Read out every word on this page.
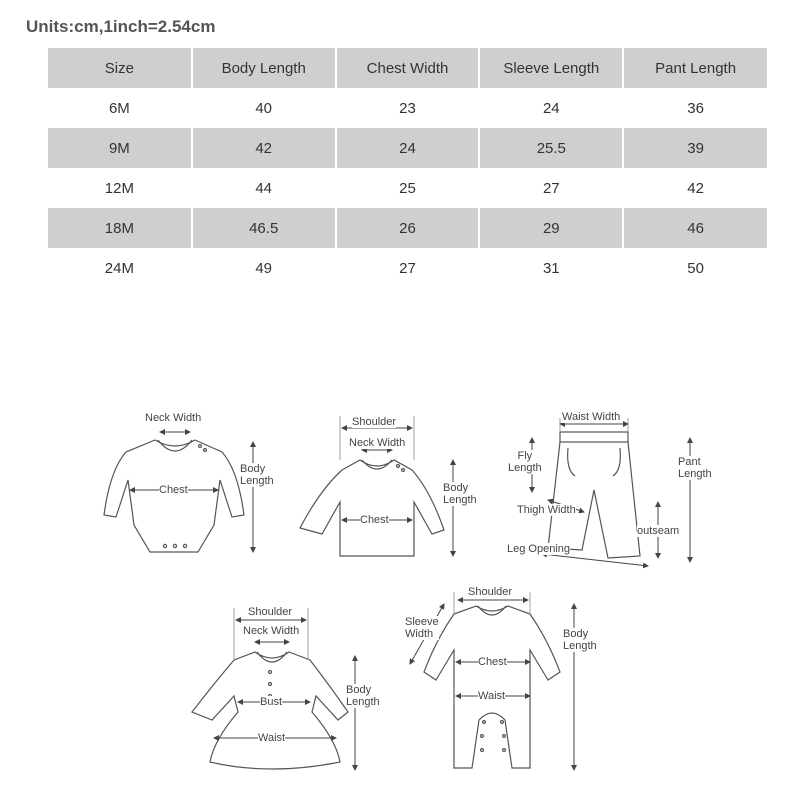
Units:cm,1inch=2.54cm
Size	Body Length	Chest Width	Sleeve Length	Pant Length
6M	40	23	24	36
9M	42	24	25.5	39
12M	44	25	27	42
18M	46.5	26	29	46
24M	49	27	31	50
Neck Width
Chest
Body
Length
Shoulder
Neck Width
Chest
Body
Length
Waist Width
Fly
Length
Thigh Width
Leg Opening
outseam
Pant
Length
Shoulder
Neck Width
Bust
Waist
Body
Length
Shoulder
Sleeve
Width
Chest
Waist
Body
Length
